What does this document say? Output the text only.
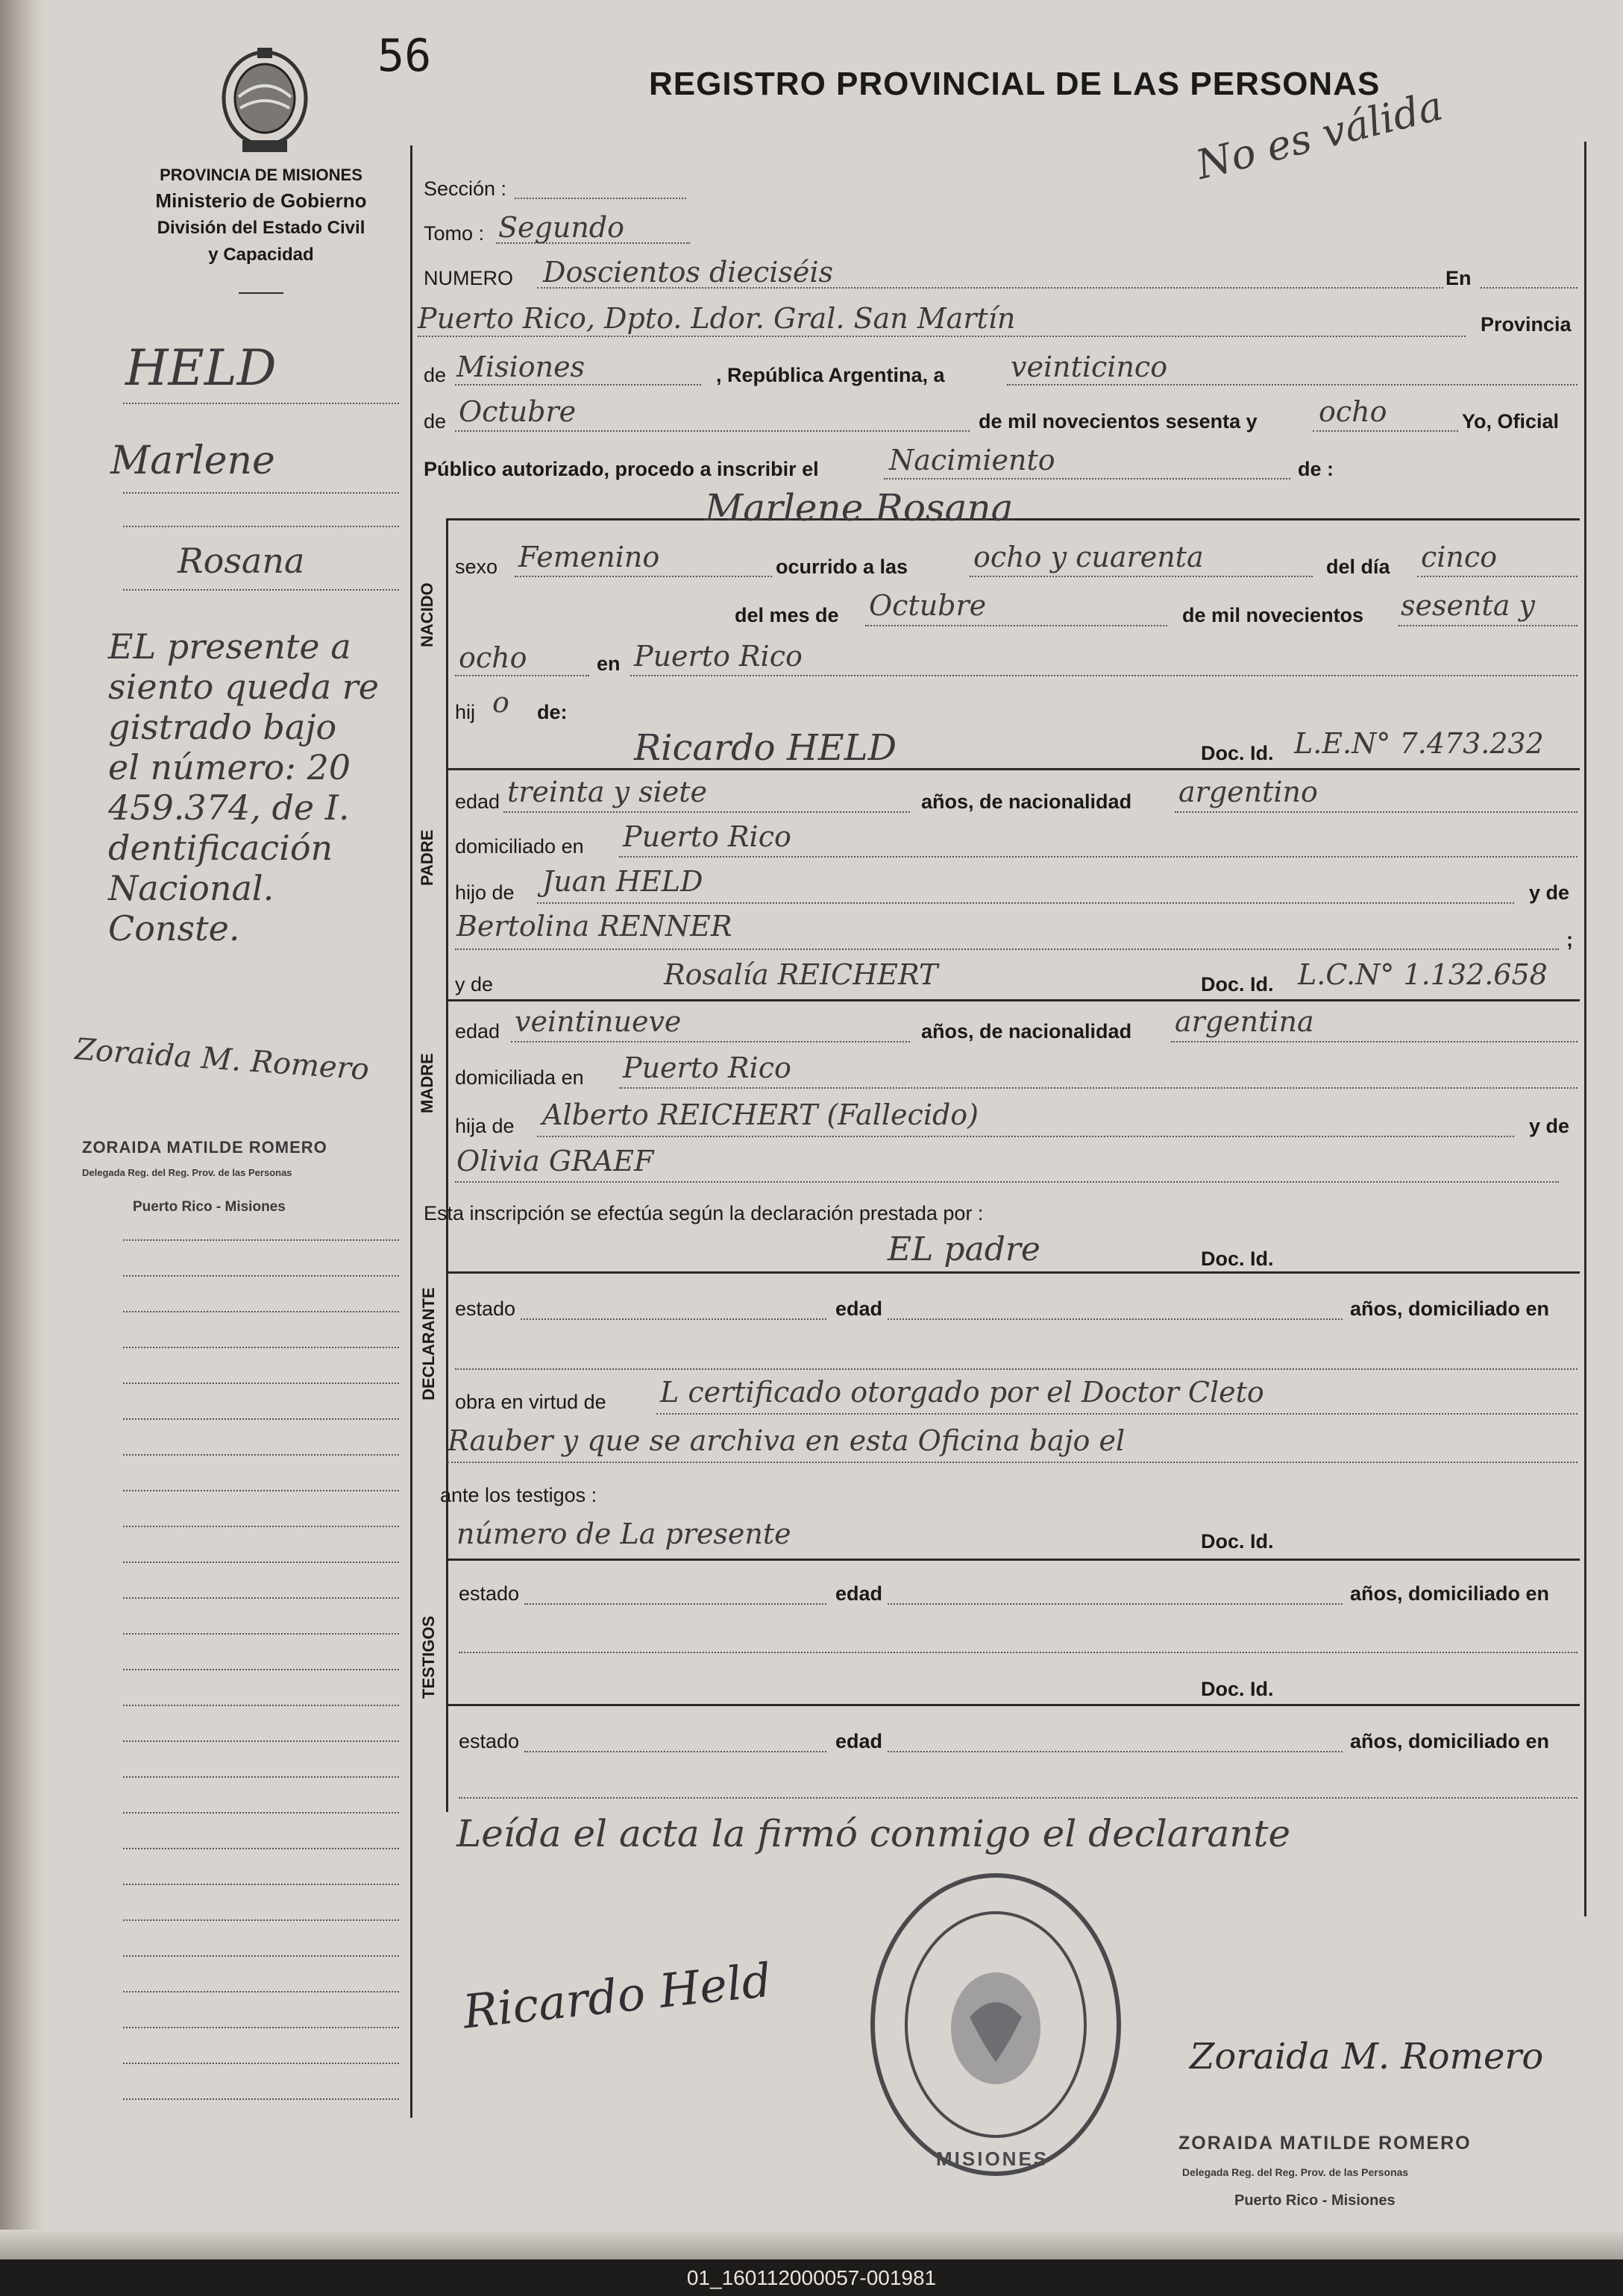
56
REGISTRO PROVINCIAL DE LAS PERSONAS
PROVINCIA DE MISIONES
Ministerio de Gobierno
División del Estado Civil
y Capacidad
No es válida
HELD
Marlene
Rosana
EL presente a
siento queda re
gistrado bajo
el número: 20
459.374, de I.
dentificación
Nacional.
Conste.
Zoraida M. Romero
ZORAIDA MATILDE ROMERO
Delegada Reg. del Reg. Prov. de las Personas
Puerto Rico - Misiones
Sección :
Tomo : Segundo
NUMERO Doscientos dieciséis	En
Puerto Rico, Dpto. Ldor. Gral. San Martín	Provincia
de Misiones	, República Argentina, a veinticinco
de Octubre	de mil novecientos sesenta y ocho	Yo, Oficial
Público autorizado, procedo a inscribir el Nacimiento	de :
NACIDO
Marlene Rosana
sexo Femenino	ocurrido a las ocho y cuarenta	del día cinco
del mes de Octubre	de mil novecientos sesenta y
ocho	en Puerto Rico
hij o de:
PADRE
Ricardo HELD	Doc. Id. L.E.N° 7.473.232
edad treinta y siete	años, de nacionalidad argentino
domiciliado en Puerto Rico
hijo de Juan HELD	y de
Bertolina RENNER	;
MADRE
y de	Rosalía REICHERT	Doc. Id. L.C.N° 1.132.658
edad veintinueve	años, de nacionalidad argentina
domiciliada en Puerto Rico
hija de Alberto REICHERT (Fallecido)	y de
Olivia GRAEF
Esta inscripción se efectúa según la declaración prestada por :
DECLARANTE
EL padre	Doc. Id.
estado	edad	años, domiciliado en
obra en virtud de L certificado otorgado por el Doctor Cleto
Rauber y que se archiva en esta Oficina bajo el
ante los testigos :
TESTIGOS
número de La presente	Doc. Id.
estado	edad	años, domiciliado en
Doc. Id.
estado	edad	años, domiciliado en
Leída el acta la firmó conmigo el declarante
MISIONES
Ricardo Held
Zoraida M. Romero
ZORAIDA MATILDE ROMERO
Delegada Reg. del Reg. Prov. de las Personas
Puerto Rico - Misiones
01_160112000057-001981
